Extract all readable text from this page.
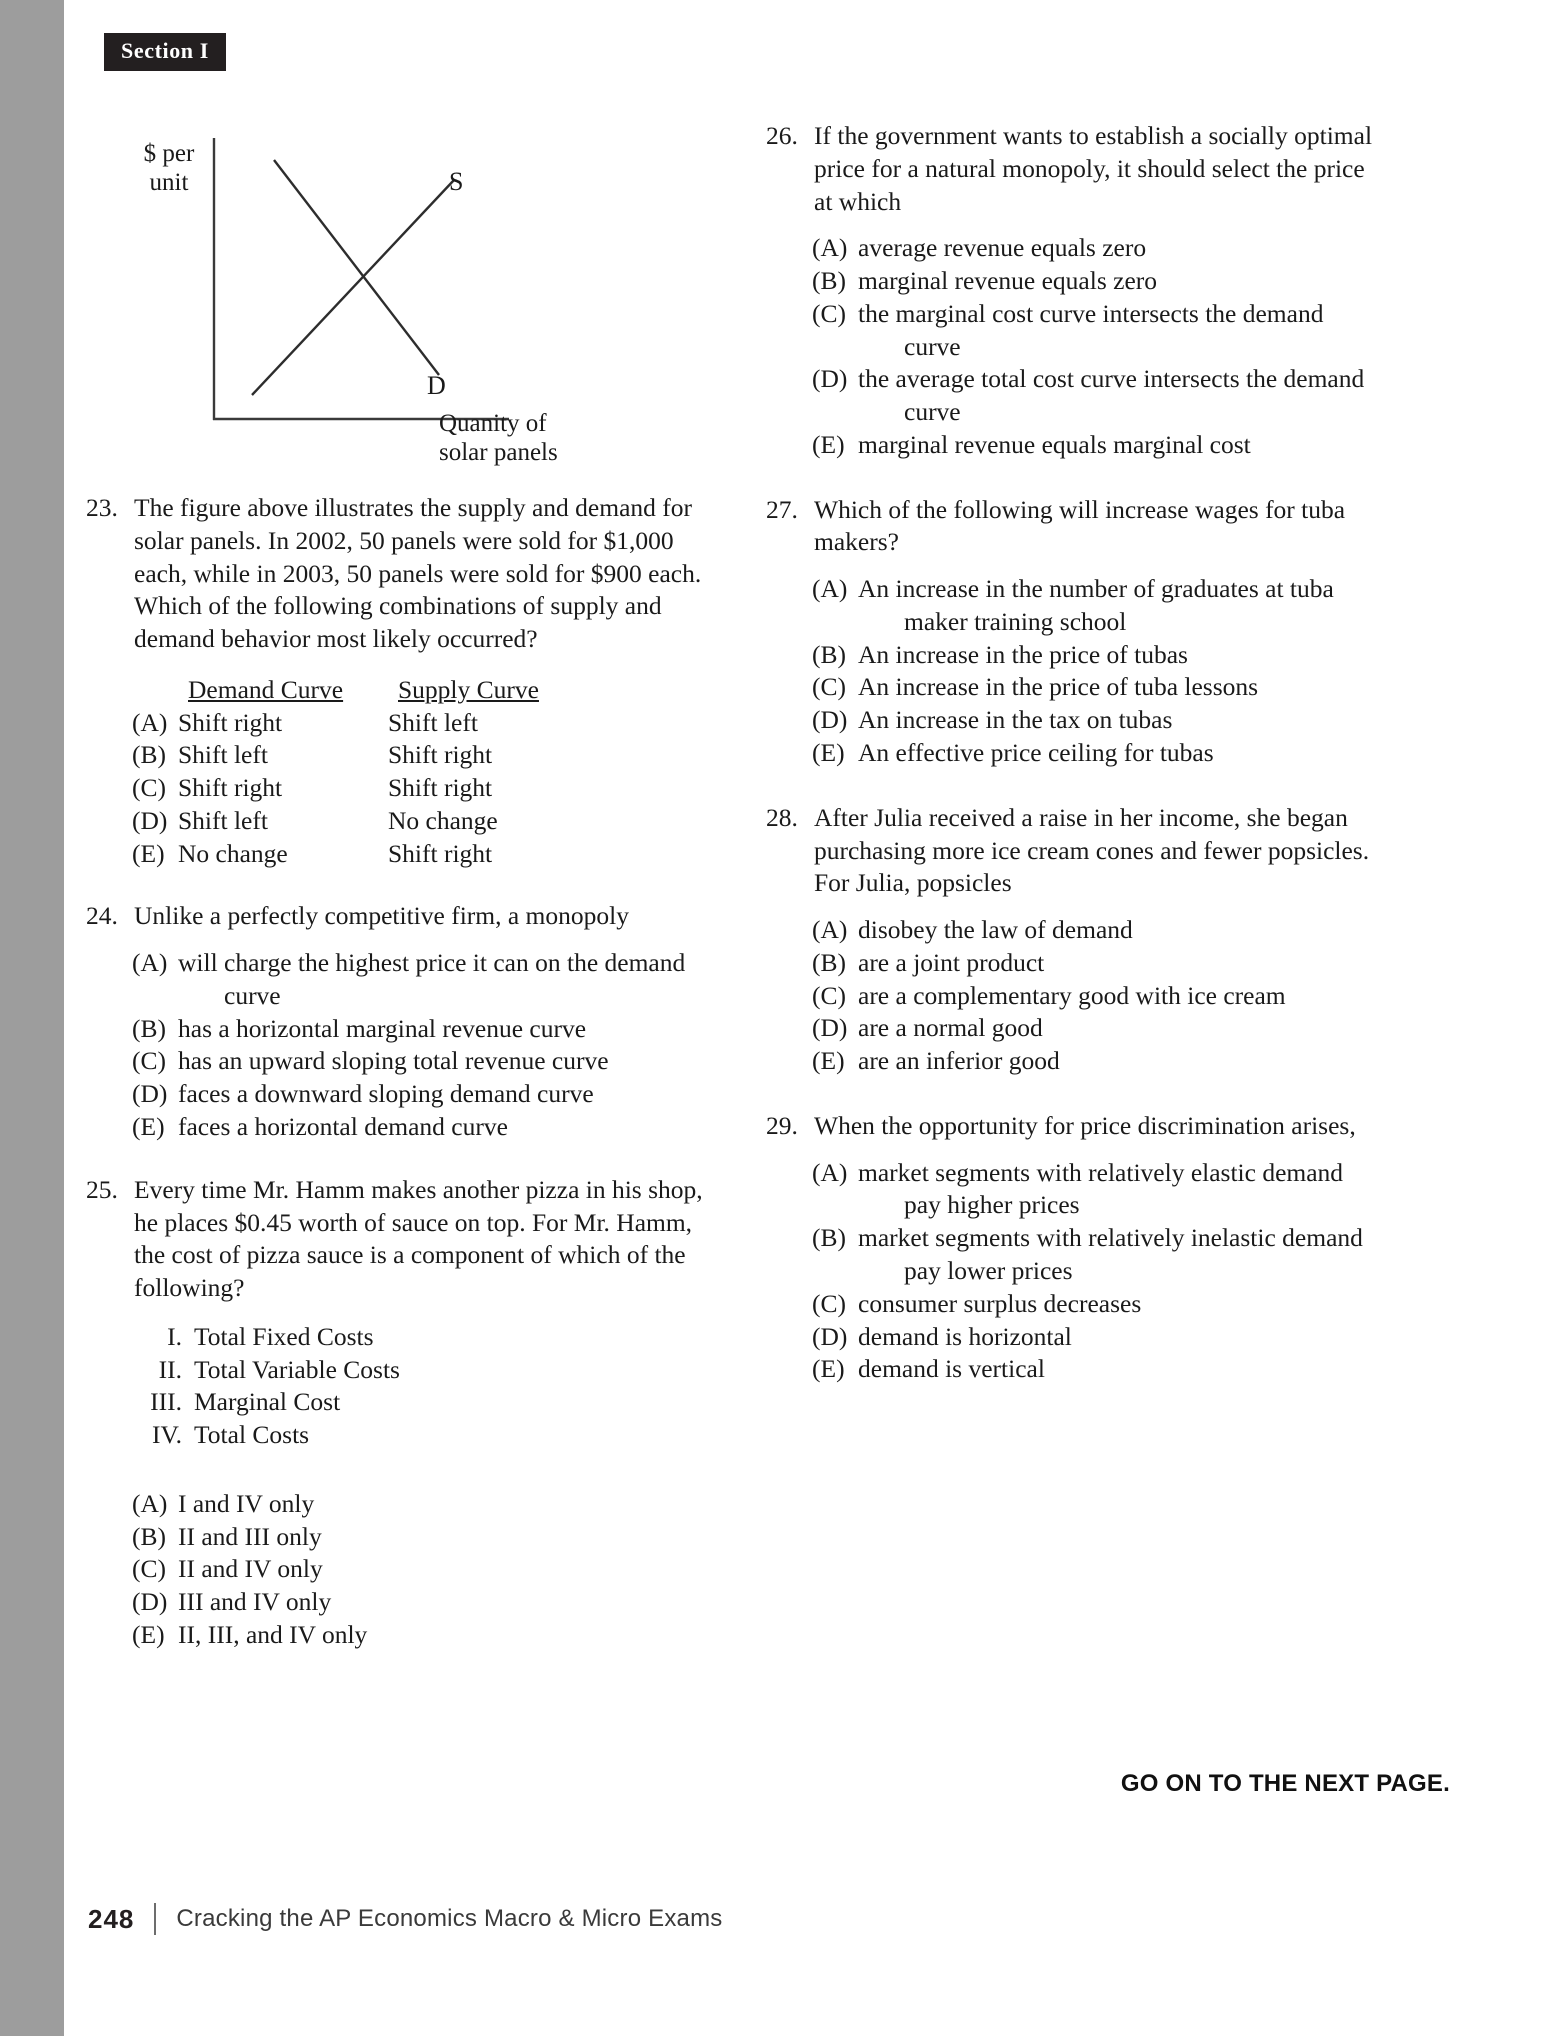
Section I
$ per
unit
Quanity of
solar panels
S
D
23. The figure above illustrates the supply and demand for solar panels. In 2002, 50 panels were sold for $1,000 each, while in 2003, 50 panels were sold for $900 each. Which of the following combinations of supply and demand behavior most likely occurred?
Demand Curve	Supply Curve
(A) Shift right	Shift left
(B) Shift left	Shift right
(C) Shift right	Shift right
(D) Shift left	No change
(E) No change	Shift right
24. Unlike a perfectly competitive firm, a monopoly
(A) will charge the highest price it can on the demand
curve
(B) has a horizontal marginal revenue curve
(C) has an upward sloping total revenue curve
(D) faces a downward sloping demand curve
(E) faces a horizontal demand curve
25. Every time Mr. Hamm makes another pizza in his shop, he places $0.45 worth of sauce on top. For Mr. Hamm, the cost of pizza sauce is a component of which of the following?
I. Total Fixed Costs
II. Total Variable Costs
III. Marginal Cost
IV. Total Costs
(A) I and IV only
(B) II and III only
(C) II and IV only
(D) III and IV only
(E) II, III, and IV only
26. If the government wants to establish a socially optimal price for a natural monopoly, it should select the price at which
(A) average revenue equals zero
(B) marginal revenue equals zero
(C) the marginal cost curve intersects the demand
curve
(D) the average total cost curve intersects the demand
curve
(E) marginal revenue equals marginal cost
27. Which of the following will increase wages for tuba makers?
(A) An increase in the number of graduates at tuba
maker training school
(B) An increase in the price of tubas
(C) An increase in the price of tuba lessons
(D) An increase in the tax on tubas
(E) An effective price ceiling for tubas
28. After Julia received a raise in her income, she began purchasing more ice cream cones and fewer popsicles. For Julia, popsicles
(A) disobey the law of demand
(B) are a joint product
(C) are a complementary good with ice cream
(D) are a normal good
(E) are an inferior good
29. When the opportunity for price discrimination arises,
(A) market segments with relatively elastic demand
pay higher prices
(B) market segments with relatively inelastic demand
pay lower prices
(C) consumer surplus decreases
(D) demand is horizontal
(E) demand is vertical
GO ON TO THE NEXT PAGE.
248 Cracking the AP Economics Macro & Micro Exams
